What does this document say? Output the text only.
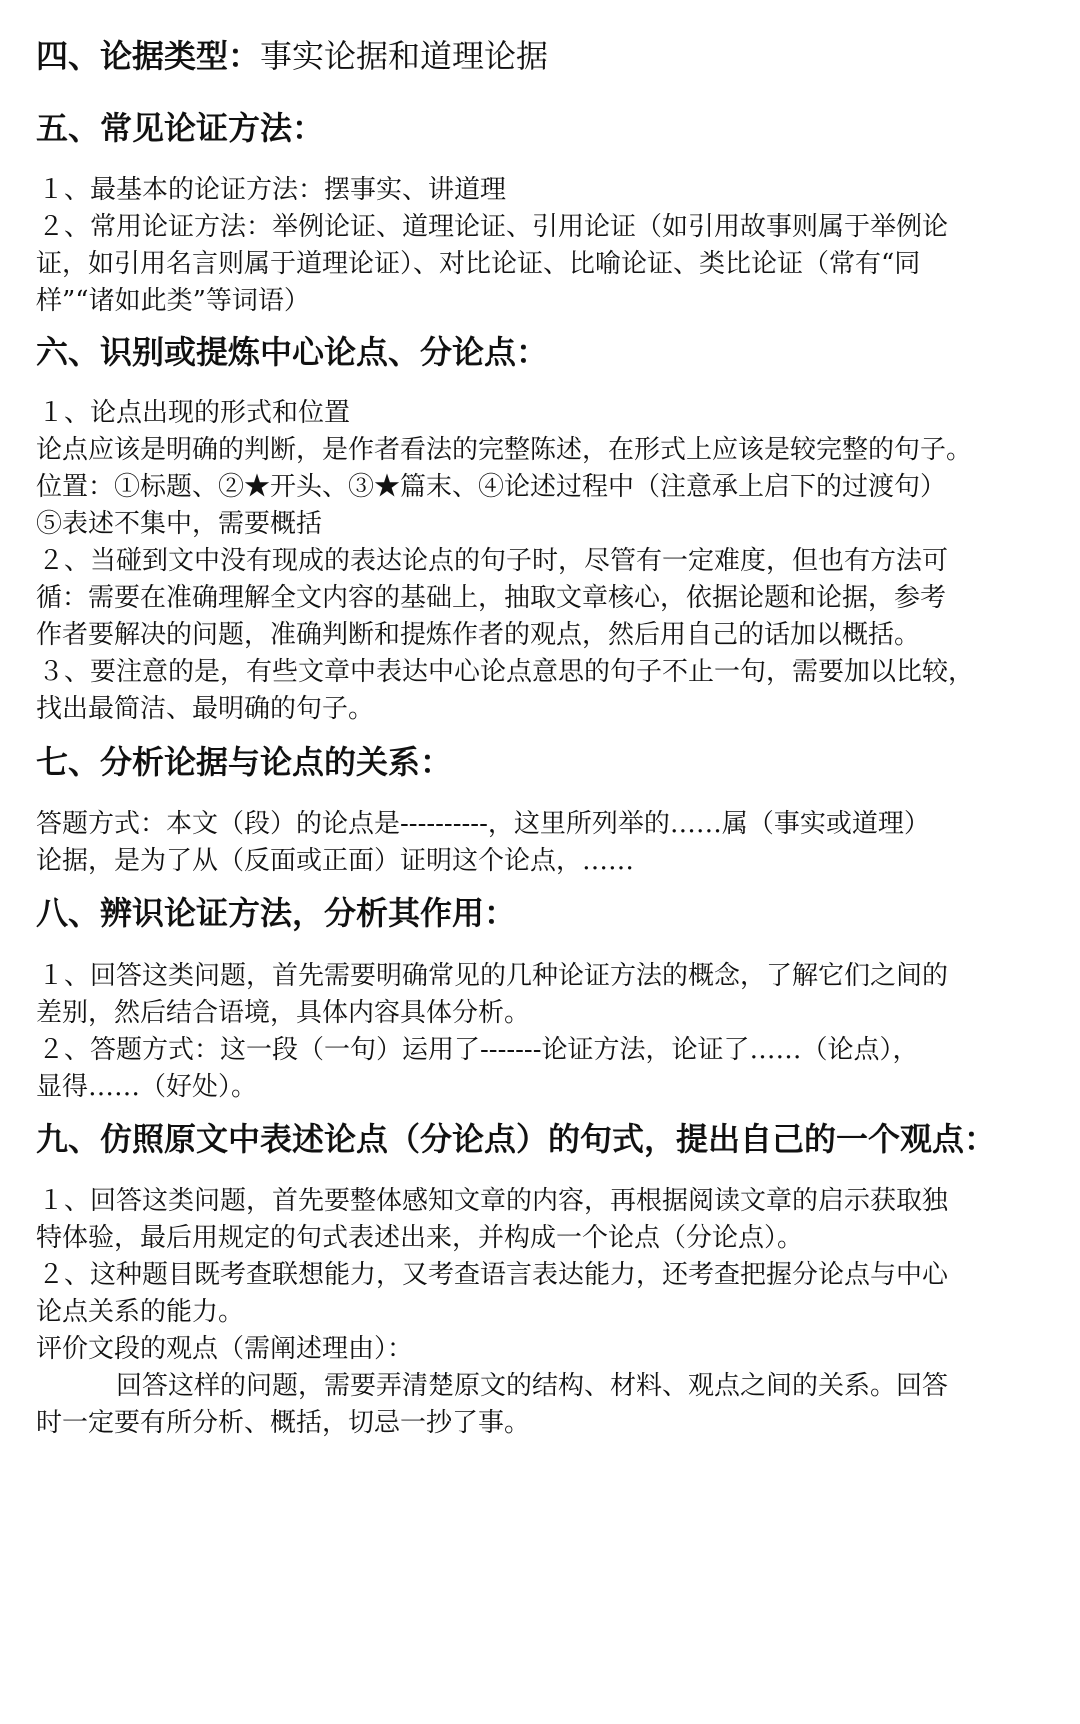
四、论据类型：事实论据和道理论据
五、常见论证方法：
１、最基本的论证方法：摆事实、讲道理
２、常用论证方法：举例论证、道理论证、引用论证（如引用故事则属于举例论
证，如引用名言则属于道理论证）、对比论证、比喻论证、类比论证（常有“同
样”“诸如此类”等词语）
六、识别或提炼中心论点、分论点：
１、论点出现的形式和位置
论点应该是明确的判断，是作者看法的完整陈述，在形式上应该是较完整的句子。
位置：①标题、②★开头、③★篇末、④论述过程中（注意承上启下的过渡句）
⑤表述不集中，需要概括
２、当碰到文中没有现成的表达论点的句子时，尽管有一定难度，但也有方法可
循：需要在准确理解全文内容的基础上，抽取文章核心，依据论题和论据，参考
作者要解决的问题，准确判断和提炼作者的观点，然后用自己的话加以概括。
３、要注意的是，有些文章中表达中心论点意思的句子不止一句，需要加以比较，
找出最简洁、最明确的句子。
七、分析论据与论点的关系：
答题方式：本文（段）的论点是----------，这里所列举的……属（事实或道理）
论据，是为了从（反面或正面）证明这个论点，……
八、辨识论证方法，分析其作用：
１、回答这类问题，首先需要明确常见的几种论证方法的概念，了解它们之间的
差别，然后结合语境，具体内容具体分析。
２、答题方式：这一段（一句）运用了-------论证方法，论证了……（论点），
显得……（好处）。
九、仿照原文中表述论点（分论点）的句式，提出自己的一个观点：
１、回答这类问题，首先要整体感知文章的内容，再根据阅读文章的启示获取独
特体验，最后用规定的句式表述出来，并构成一个论点（分论点）。
２、这种题目既考查联想能力，又考查语言表达能力，还考查把握分论点与中心
论点关系的能力。
评价文段的观点（需阐述理由）：
回答这样的问题，需要弄清楚原文的结构、材料、观点之间的关系。回答
时一定要有所分析、概括，切忌一抄了事。
